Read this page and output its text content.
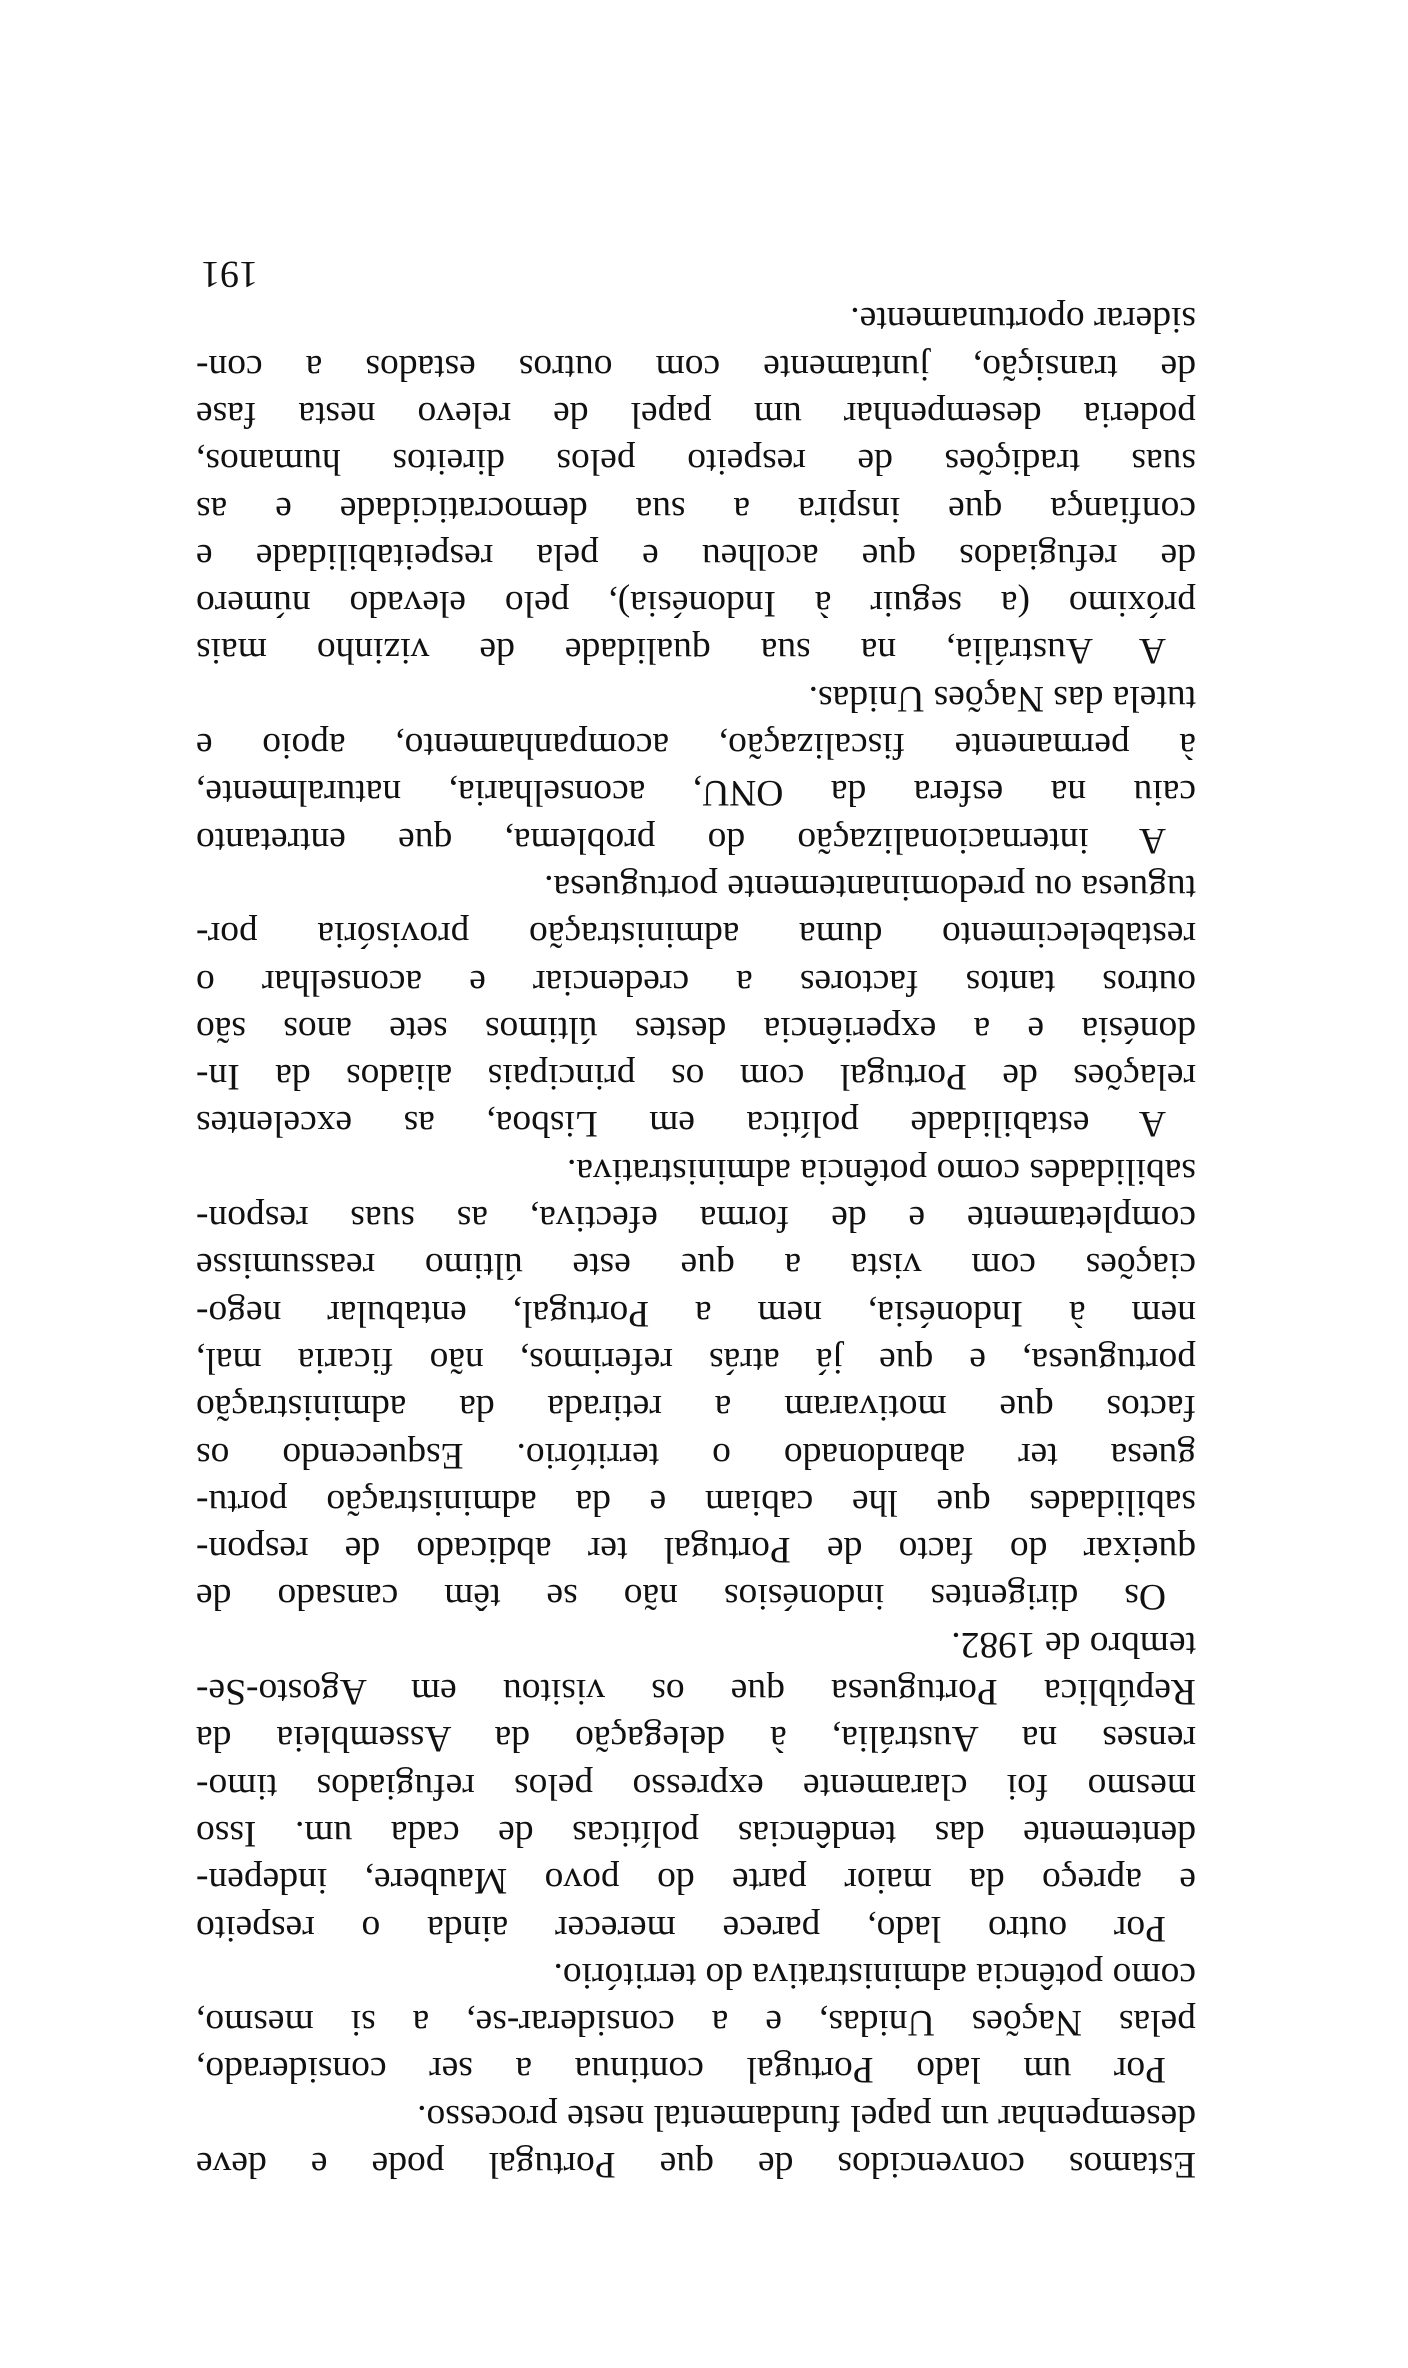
Estamos convencidos de que Portugal pode e deve
desempenhar um papel fundamental neste processo.
Por um lado Portugal continua a ser considerado,
pelas Nações Unidas, e a considerar-se, a si mesmo,
como potência administrativa do território.
Por outro lado, parece merecer ainda o respeito
e apreço da maior parte do povo Maubere, indepen-
dentemente das tendências políticas de cada um. Isso
mesmo foi claramente expresso pelos refugiados timo-
renses na Austrália, à delegação da Assembleia da
República Portuguesa que os visitou em Agosto-Se-
tembro de 1982.
Os dirigentes indonésios não se têm cansado de
queixar do facto de Portugal ter abdicado de respon-
sabilidades que lhe cabiam e da administração portu-
guesa ter abandonado o território. Esquecendo os
factos que motivaram a retirada da administração
portuguesa, e que já atrás referimos, não ficaria mal,
nem à Indonésia, nem a Portugal, entabular nego-
ciações com vista a que este último reassumisse
completamente e de forma efectiva, as suas respon-
sabilidades como potência administrativa.
A estabilidade política em Lisboa, as excelentes
relações de Portugal com os principais aliados da In-
donésia e a experiência destes últimos sete anos são
outros tantos factores a credenciar e aconselhar o
restabelecimento duma administração provisória por-
tuguesa ou predominantemente portuguesa.
A internacionalização do problema, que entretanto
caiu na esfera da ONU, aconselharia, naturalmente,
à permanente fiscalização, acompanhamento, apoio e
tutela das Nações Unidas.
A Austrália, na sua qualidade de vizinho mais
próximo (a seguir à Indonésia), pelo elevado número
de refugiados que acolheu e pela respeitabilidade e
confiança que inspira a sua democraticidade e as
suas tradições de respeito pelos direitos humanos,
poderia desempenhar um papel de relevo nesta fase
de transição, juntamente com outros estados a con-
siderar oportunamente.
191
